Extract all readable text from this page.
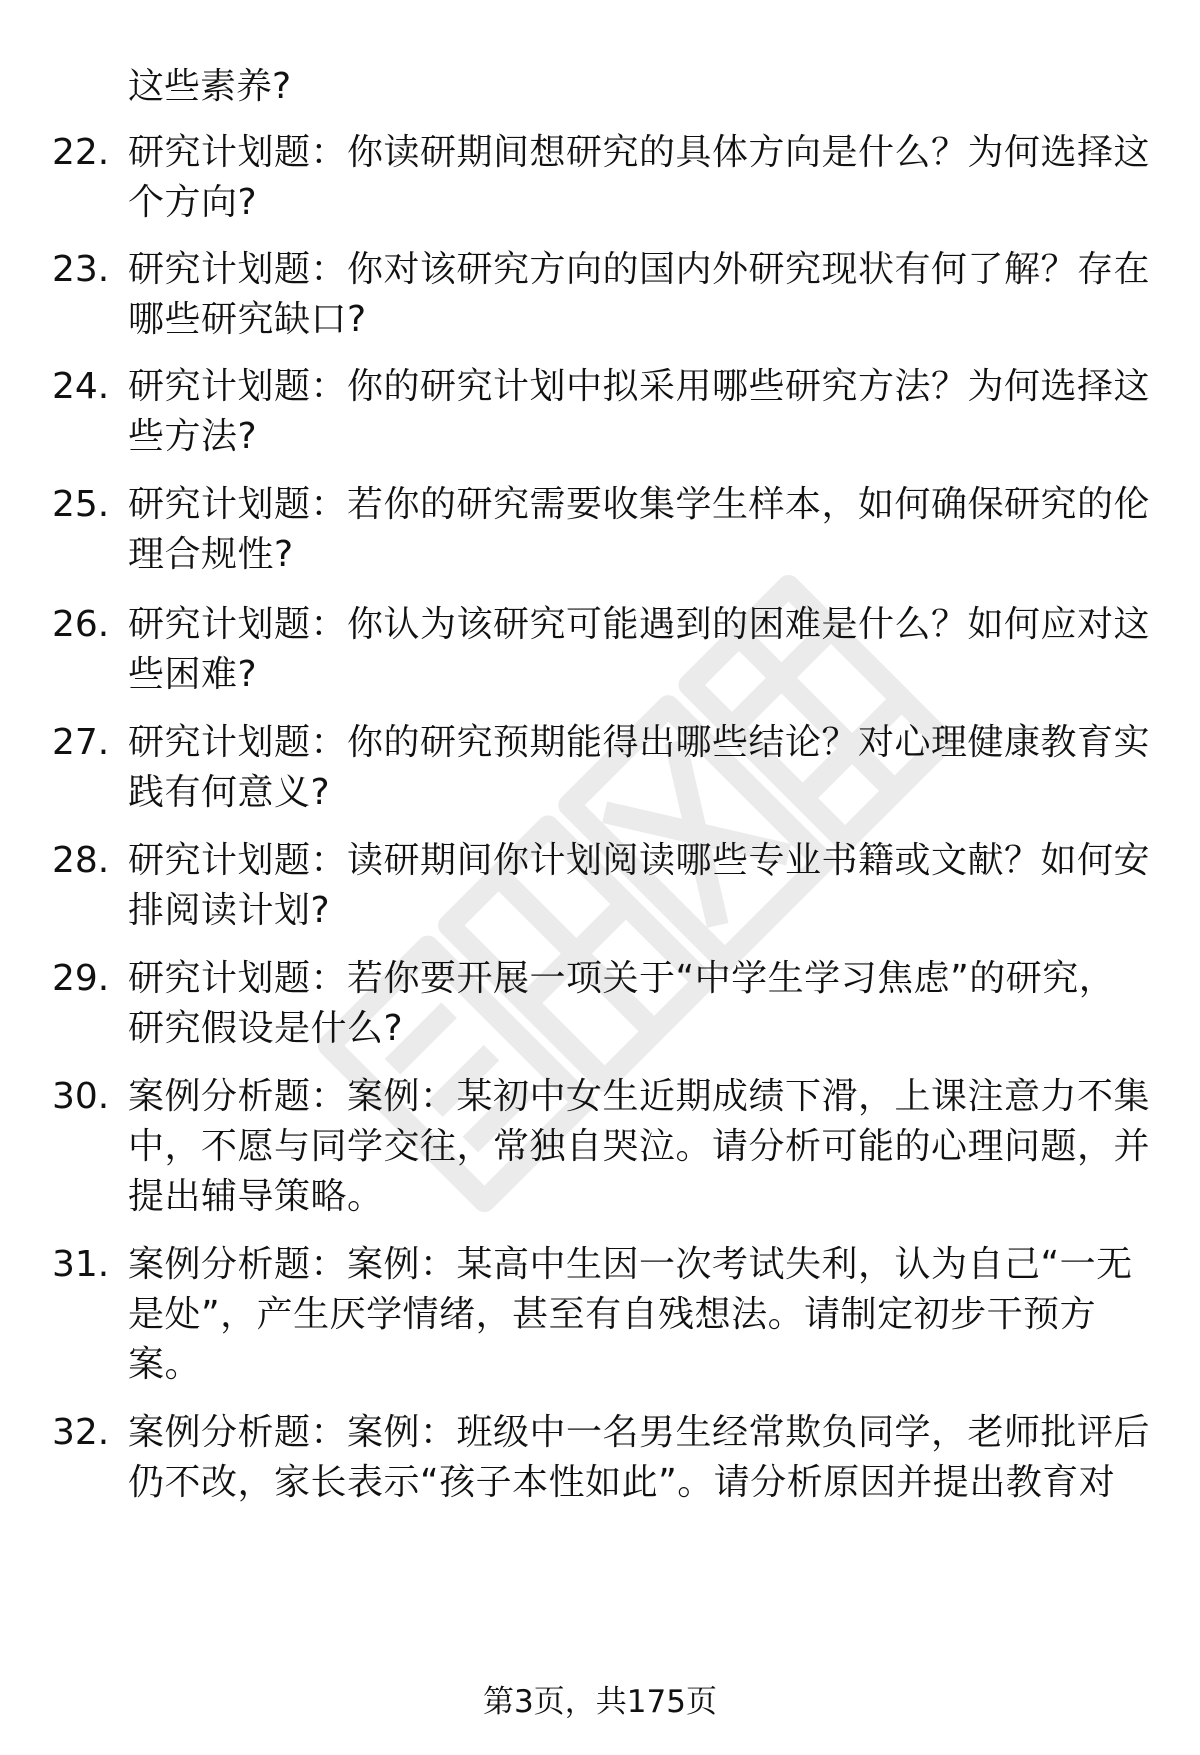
这些素养?
22. 研究计划题：你读研期间想研究的具体方向是什么？为何选择这
个方向?
23. 研究计划题：你对该研究方向的国内外研究现状有何了解？存在
哪些研究缺口?
24. 研究计划题：你的研究计划中拟采用哪些研究方法？为何选择这
些方法?
25. 研究计划题：若你的研究需要收集学生样本，如何确保研究的伦
理合规性?
26. 研究计划题：你认为该研究可能遇到的困难是什么？如何应对这
些困难?
27. 研究计划题：你的研究预期能得出哪些结论？对心理健康教育实
践有何意义?
28. 研究计划题：读研期间你计划阅读哪些专业书籍或文献？如何安
排阅读计划?
29. 研究计划题：若你要开展一项关于“中学生学习焦虑”的研究，
研究假设是什么?
30. 案例分析题：案例：某初中女生近期成绩下滑，上课注意力不集
中，不愿与同学交往，常独自哭泣。请分析可能的心理问题，并
提出辅导策略。
31. 案例分析题：案例：某高中生因一次考试失利，认为自己“一无
是处”，产生厌学情绪，甚至有自残想法。请制定初步干预方
案。
32. 案例分析题：案例：班级中一名男生经常欺负同学，老师批评后
仍不改，家长表示“孩子本性如此”。请分析原因并提出教育对
第3页，共175页
